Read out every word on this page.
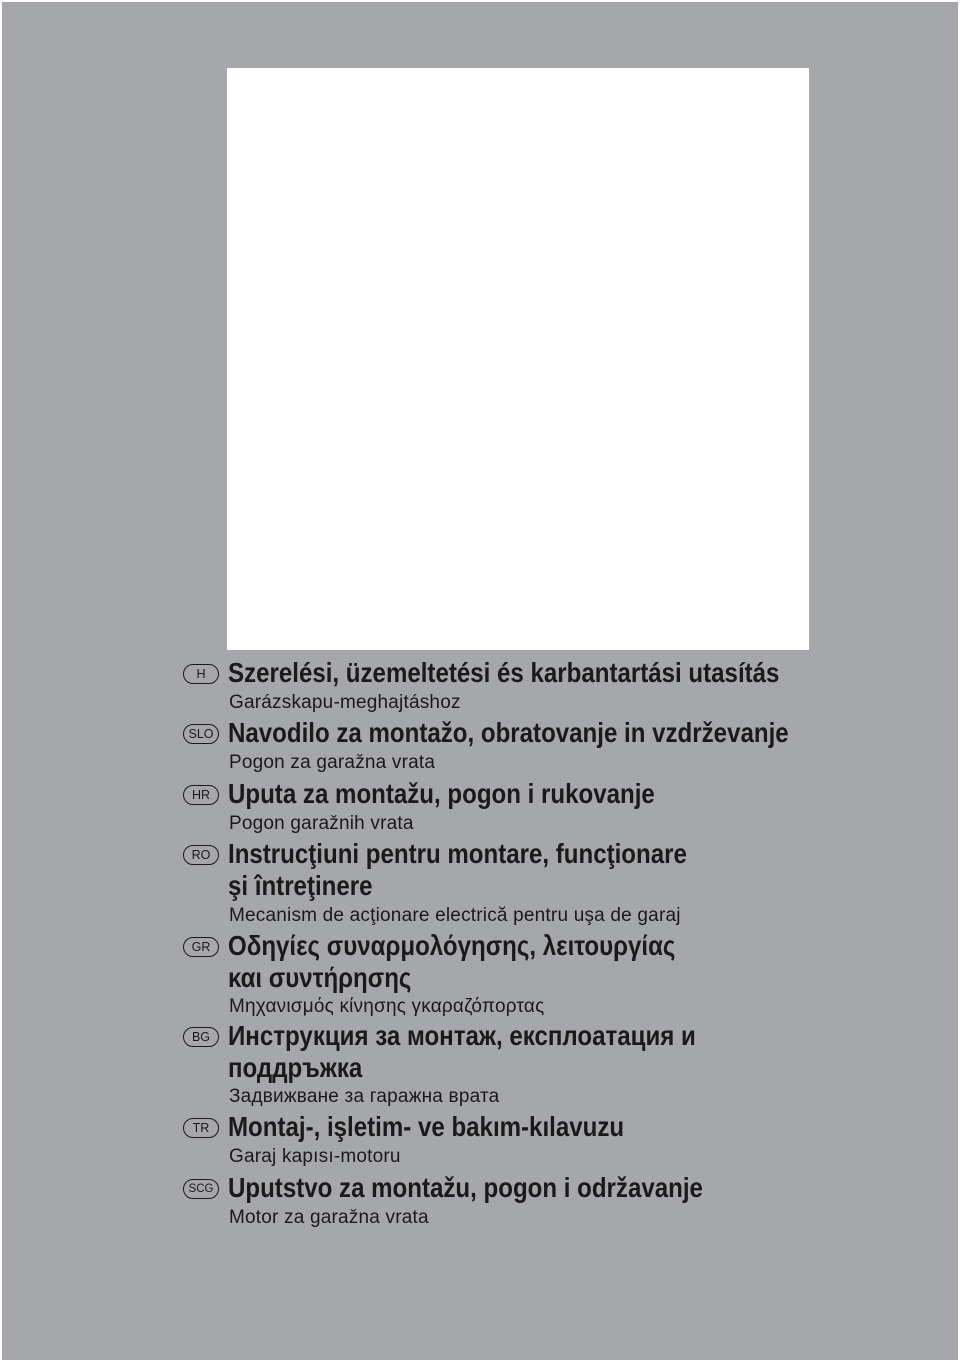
H Szerelési, üzemeltetési és karbantartási utasítás
Garázskapu-meghajtáshoz
SLO Navodilo za montažo, obratovanje in vzdrževanje
Pogon za garažna vrata
HR Uputa za montažu, pogon i rukovanje
Pogon garažnih vrata
RO Instrucţiuni pentru montare, funcţionare
şi întreţinere
Mecanism de acţionare electrică pentru uşa de garaj
GR Οδηγίες συναρμολόγησης, λειτουργίας
και συντήρησης
Μηχανισμός κίνησης γκαραζόπορτας
BG Инструкция за монтаж, експлоатация и
поддръжка
Задвижване за гаражна врата
TR Montaj-, işletim- ve bakım-kılavuzu
Garaj kapısı-motoru
SCG Uputstvo za montažu, pogon i održavanje
Motor za garažna vrata
